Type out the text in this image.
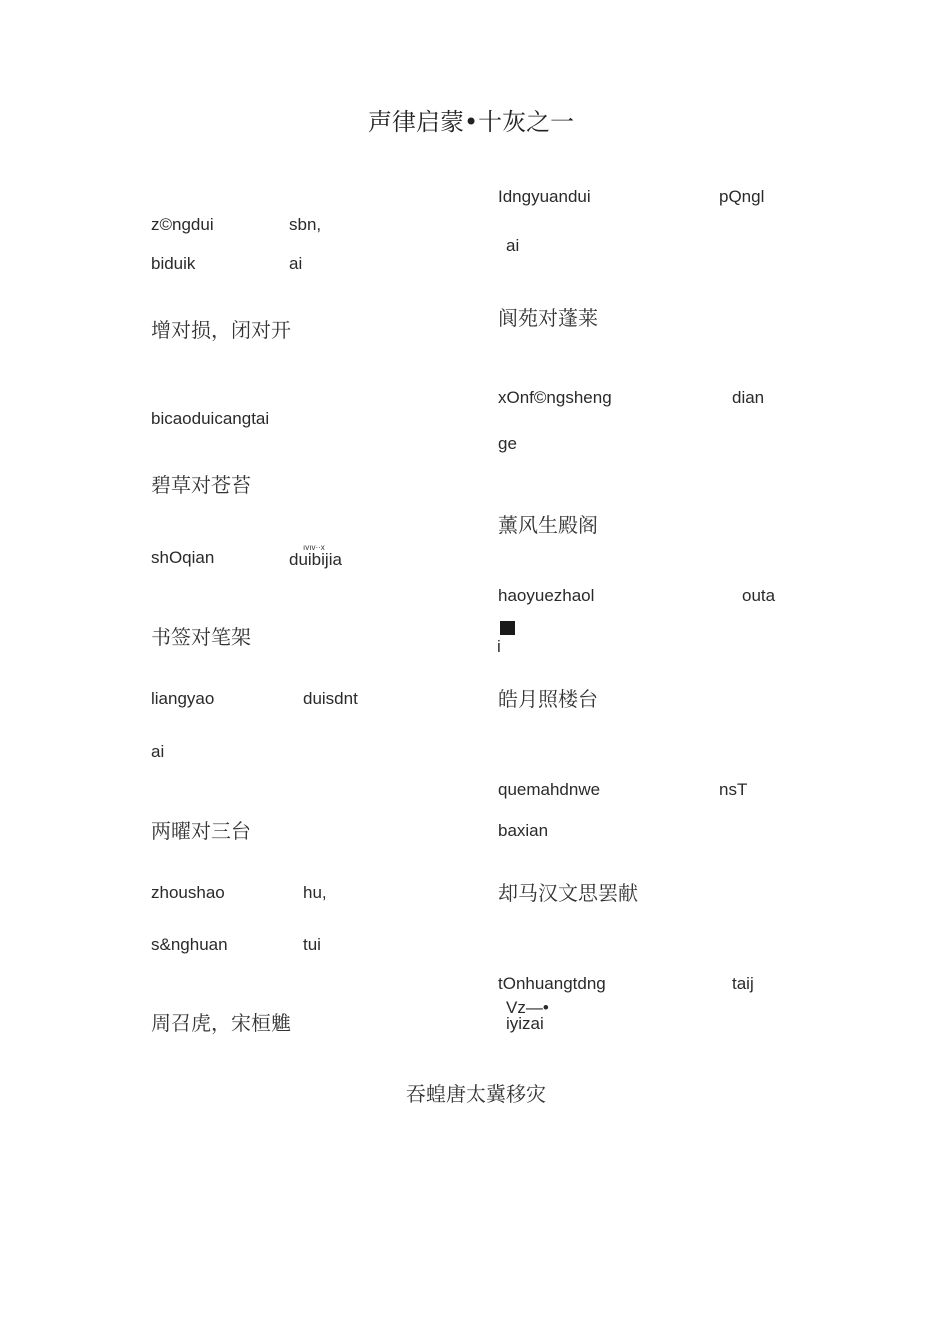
声律启蒙•十灰之一
z©ngdui	sbn,
biduik	ai
增对损，闭对开
bicaoduicangtai
碧草对苍苔
shOqian
ıvıv··x
duibijia
书签对笔架
liangyao	duisdnt
ai
两曜对三台
zhoushao	hu,
s&nghuan	tui
周召虎，宋桓魋
Idngyuandui	pQngl
ai
阆苑对蓬莱
xOnf©ngsheng	dian
ge
薰风生殿阁
haoyuezhaol	outa
i
皓月照楼台
quemahdnwe	nsT
baxian
却马汉文思罢献
tOnhuangtdng	taij
Vz—•
iyizai
吞蝗唐太冀移灾
